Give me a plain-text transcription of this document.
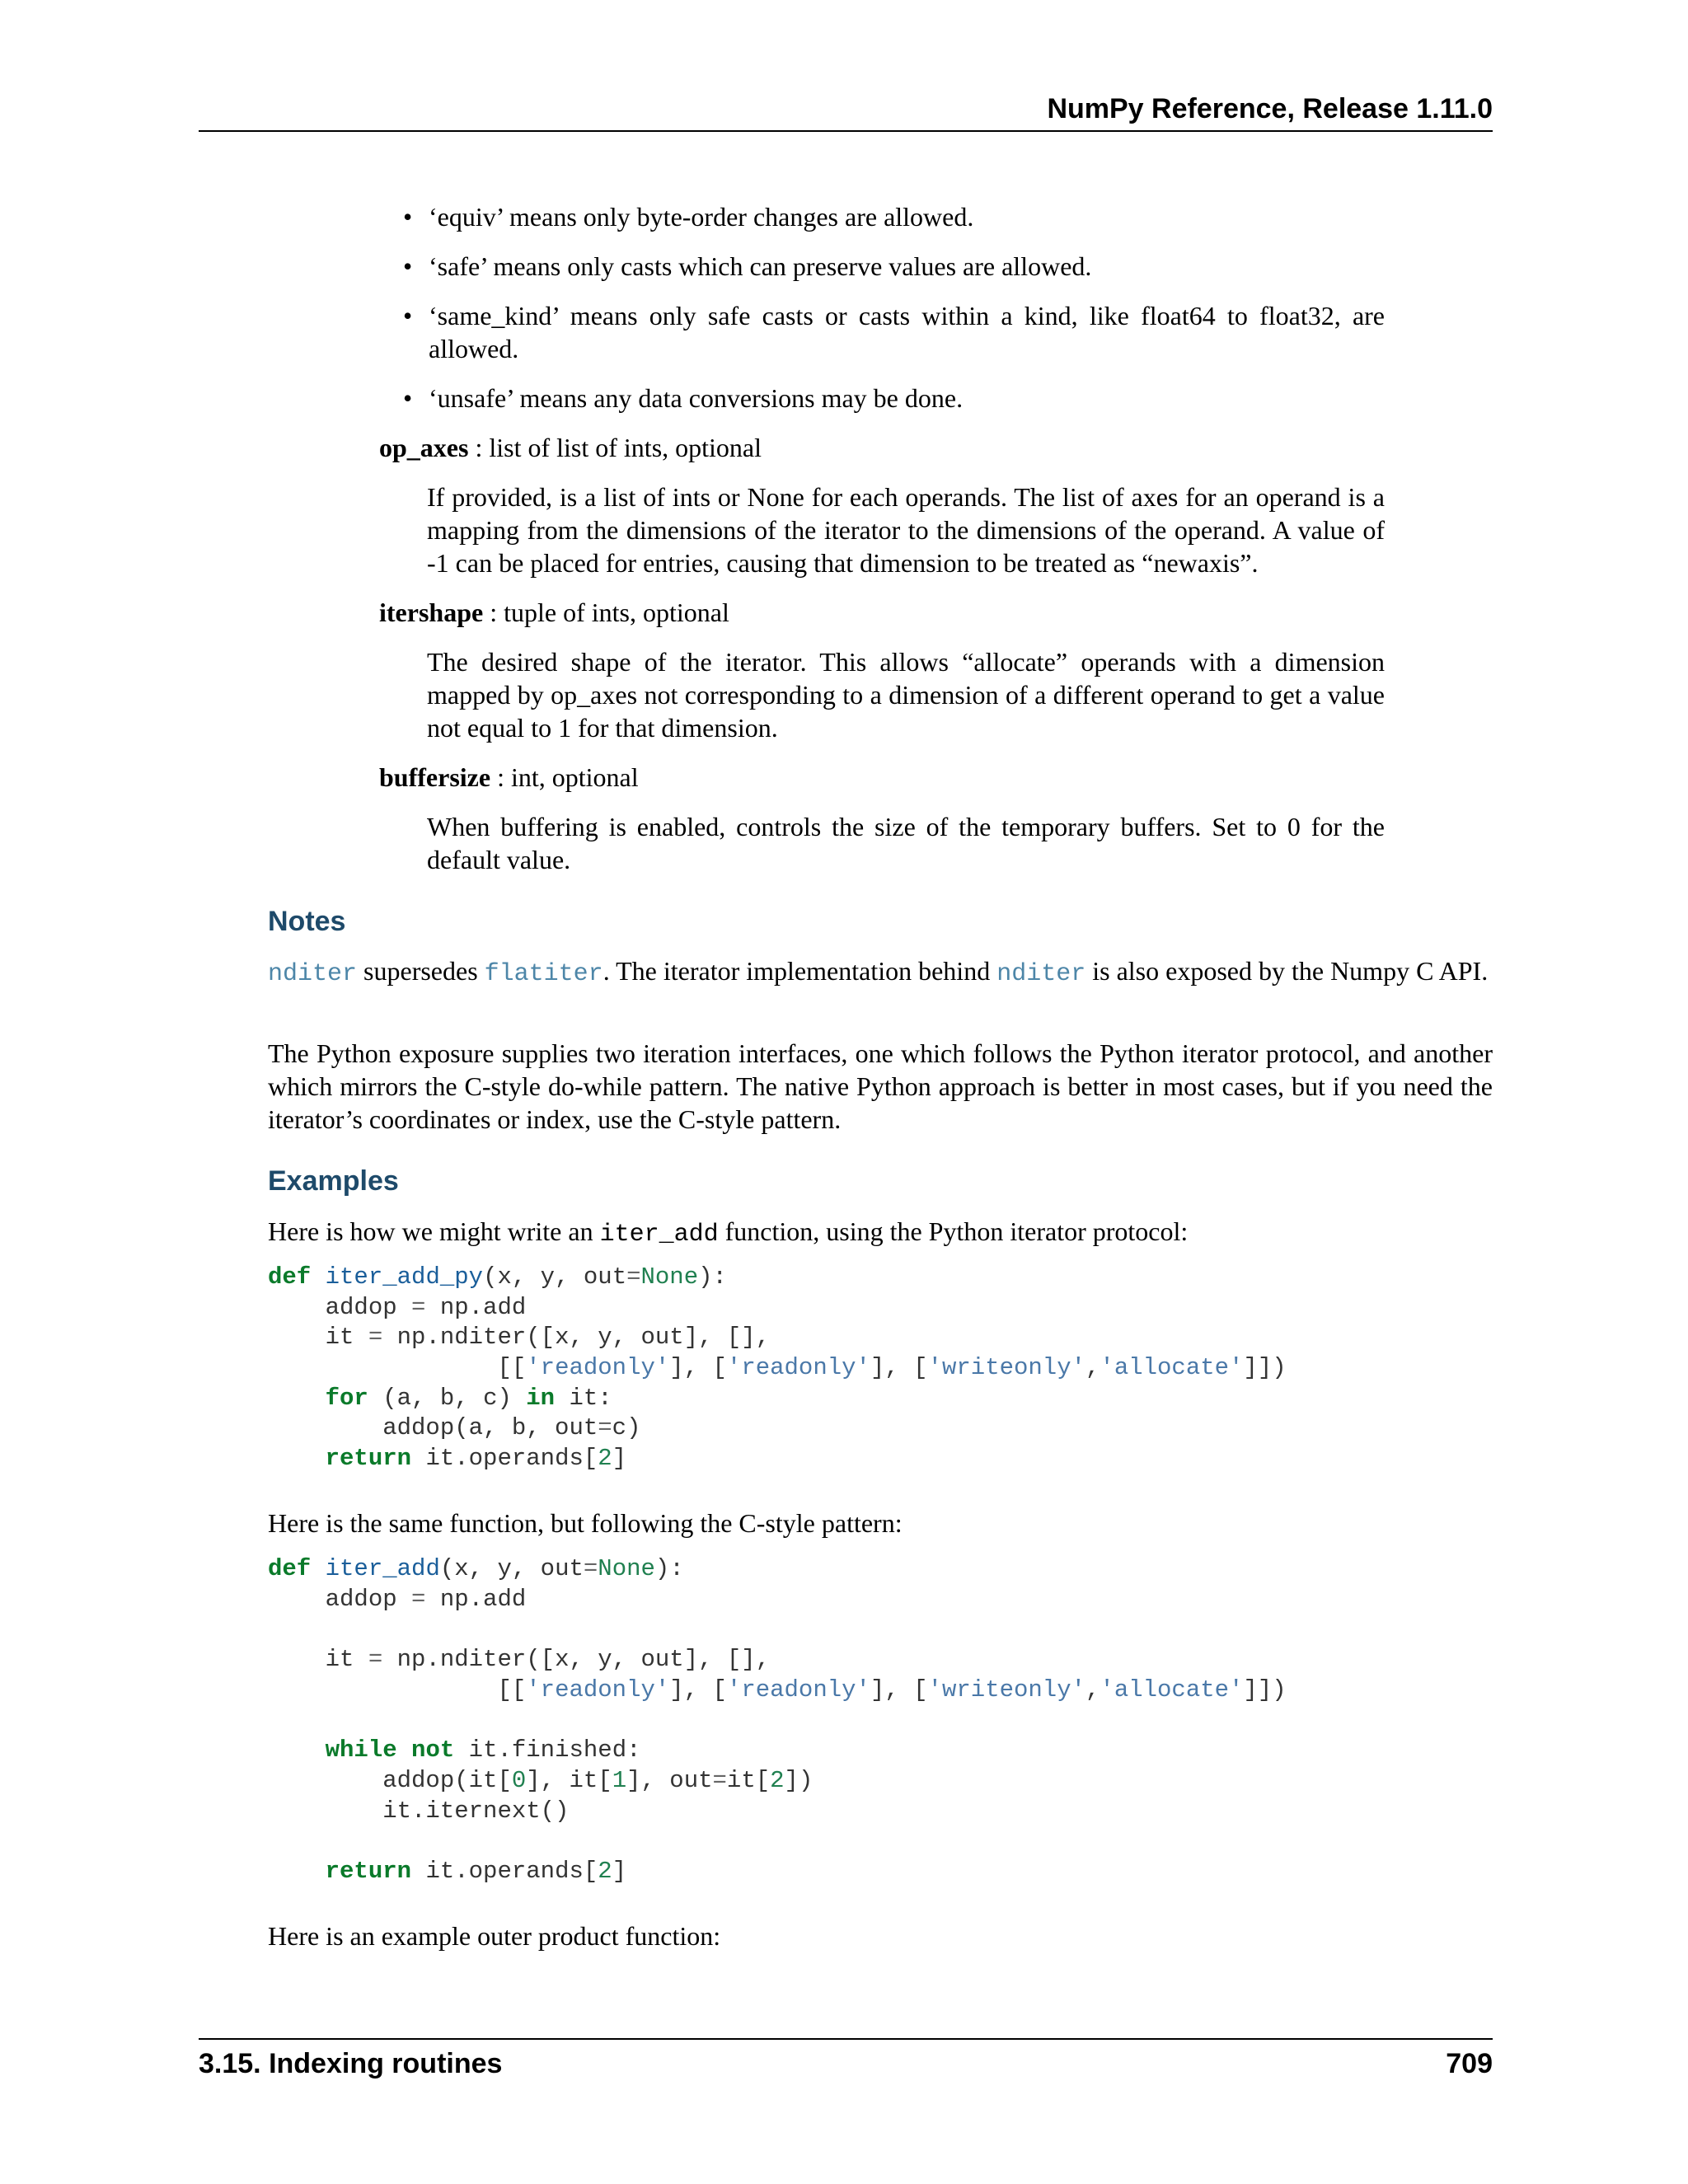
NumPy Reference, Release 1.11.0
• ‘equiv’ means only byte-order changes are allowed.
• ‘safe’ means only casts which can preserve values are allowed.
• ‘same_kind’ means only safe casts or casts within a kind, like float64 to float32, are
allowed.
• ‘unsafe’ means any data conversions may be done.
op_axes : list of list of ints, optional
If provided, is a list of ints or None for each operands. The list of axes for an operand is a mapping from the dimensions of the iterator to the dimensions of the operand. A value of -1 can be placed for entries, causing that dimension to be treated as “newaxis”.
itershape : tuple of ints, optional
The desired shape of the iterator. This allows “allocate” operands with a dimension mapped by op_axes not corresponding to a dimension of a different operand to get a value not equal to 1 for that dimension.
buffersize : int, optional
When buffering is enabled, controls the size of the temporary buffers. Set to 0 for the default value.
Notes
nditer supersedes flatiter. The iterator implementation behind nditer is also exposed by the Numpy C API.
The Python exposure supplies two iteration interfaces, one which follows the Python iterator protocol, and another which mirrors the C-style do-while pattern. The native Python approach is better in most cases, but if you need the iterator’s coordinates or index, use the C-style pattern.
Examples
Here is how we might write an iter_add function, using the Python iterator protocol:
def iter_add_py(x, y, out=None):
addop = np.add
it = np.nditer([x, y, out], [],
[['readonly'], ['readonly'], ['writeonly','allocate']])
for (a, b, c) in it:
addop(a, b, out=c)
return it.operands[2]
Here is the same function, but following the C-style pattern:
def iter_add(x, y, out=None):
addop = np.add
it = np.nditer([x, y, out], [],
[['readonly'], ['readonly'], ['writeonly','allocate']])
while not it.finished:
addop(it[0], it[1], out=it[2])
it.iternext()
return it.operands[2]
Here is an example outer product function:
3.15. Indexing routines	709
